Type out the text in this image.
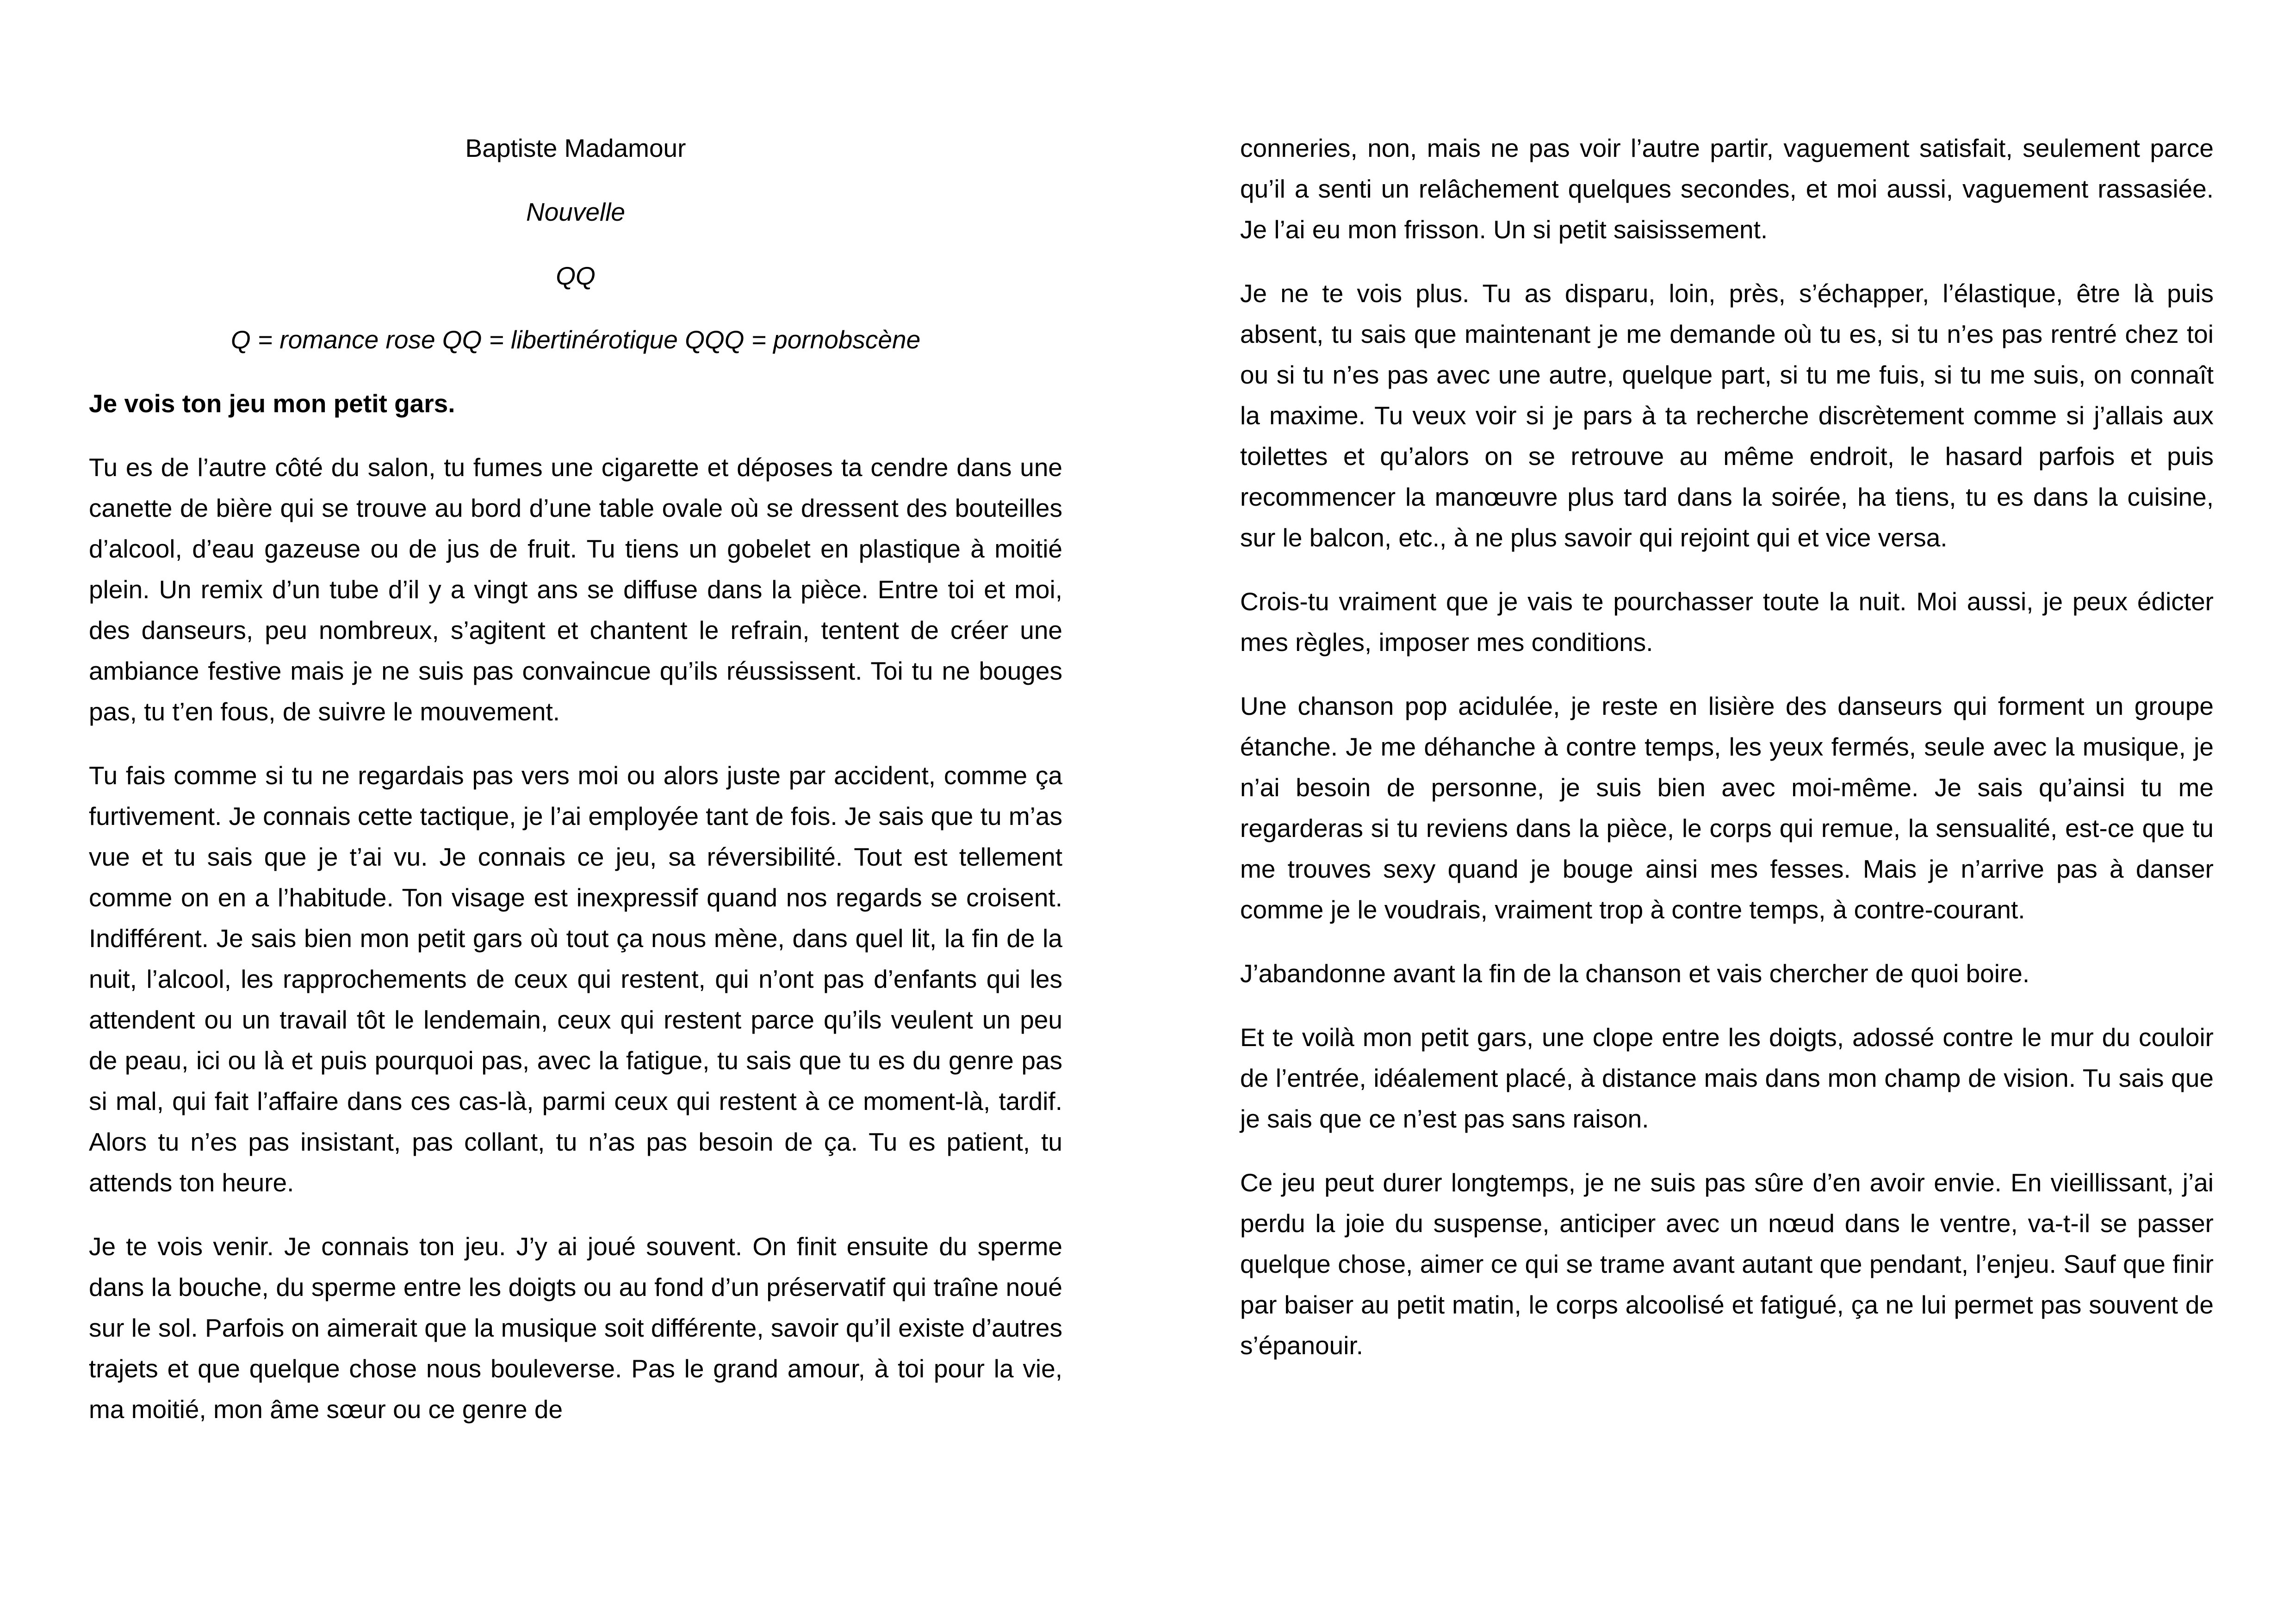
Baptiste Madamour

Nouvelle

QQ

Q = romance rose QQ = libertinérotique QQQ = pornobscène

Je vois ton jeu mon petit gars.

Tu es de l’autre côté du salon, tu fumes une cigarette et déposes ta cendre dans une canette de bière qui se trouve au bord d’une table ovale où se dressent des bouteilles d’alcool, d’eau gazeuse ou de jus de fruit. Tu tiens un gobelet en plastique à moitié plein. Un remix d’un tube d’il y a vingt ans se diffuse dans la pièce. Entre toi et moi, des danseurs, peu nombreux, s’agitent et chantent le refrain, tentent de créer une ambiance festive mais je ne suis pas convaincue qu’ils réussissent. Toi tu ne bouges pas, tu t’en fous, de suivre le mouvement.

Tu fais comme si tu ne regardais pas vers moi ou alors juste par accident, comme ça furtivement. Je connais cette tactique, je l’ai employée tant de fois. Je sais que tu m’as vue et tu sais que je t’ai vu. Je connais ce jeu, sa réversibilité. Tout est tellement comme on en a l’habitude. Ton visage est inexpressif quand nos regards se croisent. Indifférent. Je sais bien mon petit gars où tout ça nous mène, dans quel lit, la fin de la nuit, l’alcool, les rapprochements de ceux qui restent, qui n’ont pas d’enfants qui les attendent ou un travail tôt le lendemain, ceux qui restent parce qu’ils veulent un peu de peau, ici ou là et puis pourquoi pas, avec la fatigue, tu sais que tu es du genre pas si mal, qui fait l’affaire dans ces cas-là, parmi ceux qui restent à ce moment-là, tardif. Alors tu n’es pas insistant, pas collant, tu n’as pas besoin de ça. Tu es patient, tu attends ton heure.

Je te vois venir. Je connais ton jeu. J’y ai joué souvent. On finit ensuite du sperme dans la bouche, du sperme entre les doigts ou au fond d’un préservatif qui traîne noué sur le sol. Parfois on aimerait que la musique soit différente, savoir qu’il existe d’autres trajets et que quelque chose nous bouleverse. Pas le grand amour, à toi pour la vie, ma moitié, mon âme sœur ou ce genre de

conneries, non, mais ne pas voir l’autre partir, vaguement satisfait, seulement parce qu’il a senti un relâchement quelques secondes, et moi aussi, vaguement rassasiée. Je l’ai eu mon frisson. Un si petit saisissement.

Je ne te vois plus. Tu as disparu, loin, près, s’échapper, l’élastique, être là puis absent, tu sais que maintenant je me demande où tu es, si tu n’es pas rentré chez toi ou si tu n’es pas avec une autre, quelque part, si tu me fuis, si tu me suis, on connaît la maxime. Tu veux voir si je pars à ta recherche discrètement comme si j’allais aux toilettes et qu’alors on se retrouve au même endroit, le hasard parfois et puis recommencer la manœuvre plus tard dans la soirée, ha tiens, tu es dans la cuisine, sur le balcon, etc., à ne plus savoir qui rejoint qui et vice versa.

Crois-tu vraiment que je vais te pourchasser toute la nuit. Moi aussi, je peux édicter mes règles, imposer mes conditions.

Une chanson pop acidulée, je reste en lisière des danseurs qui forment un groupe étanche. Je me déhanche à contre temps, les yeux fermés, seule avec la musique, je n’ai besoin de personne, je suis bien avec moi-même. Je sais qu’ainsi tu me regarderas si tu reviens dans la pièce, le corps qui remue, la sensualité, est-ce que tu me trouves sexy quand je bouge ainsi mes fesses. Mais je n’arrive pas à danser comme je le voudrais, vraiment trop à contre temps, à contre-courant.

J’abandonne avant la fin de la chanson et vais chercher de quoi boire.

Et te voilà mon petit gars, une clope entre les doigts, adossé contre le mur du couloir de l’entrée, idéalement placé, à distance mais dans mon champ de vision. Tu sais que je sais que ce n’est pas sans raison.

Ce jeu peut durer longtemps, je ne suis pas sûre d’en avoir envie. En vieillissant, j’ai perdu la joie du suspense, anticiper avec un nœud dans le ventre, va-t-il se passer quelque chose, aimer ce qui se trame avant autant que pendant, l’enjeu. Sauf que finir par baiser au petit matin, le corps alcoolisé et fatigué, ça ne lui permet pas souvent de s’épanouir.
